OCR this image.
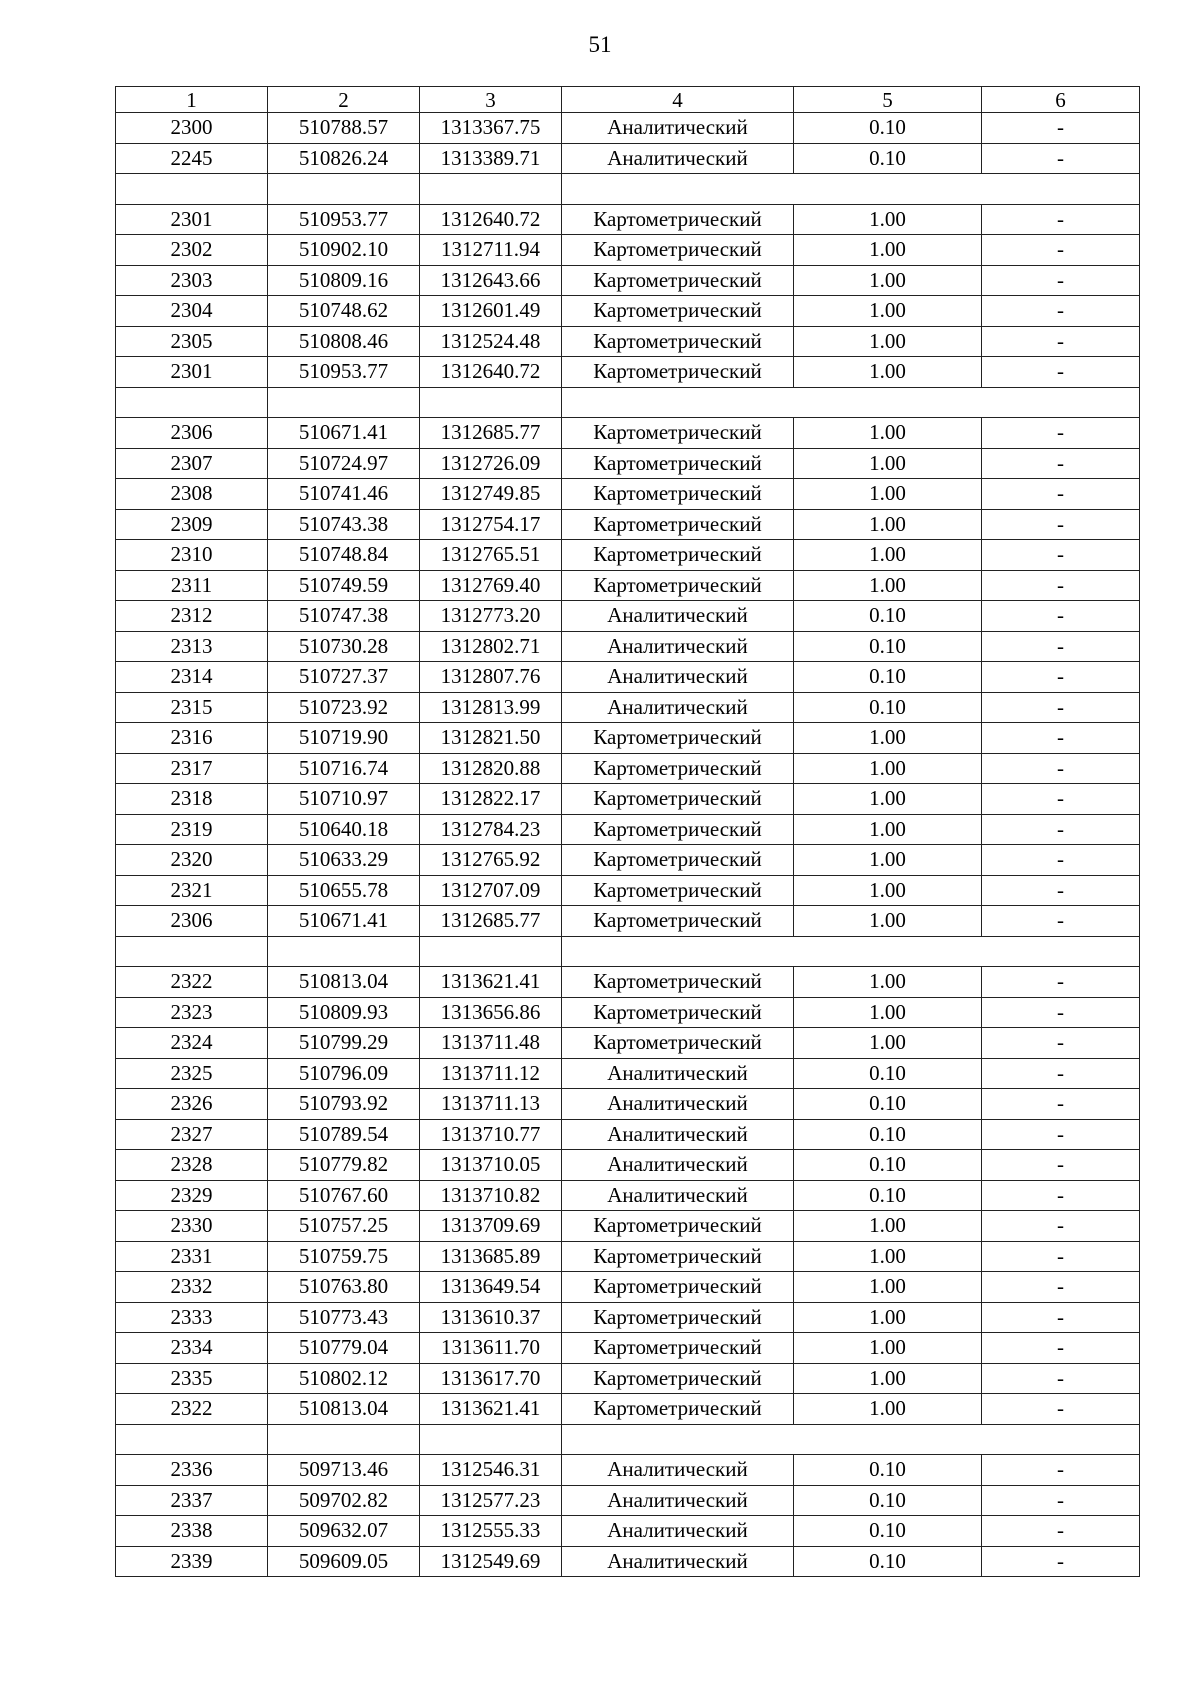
51
1	2	3	4	5	6
2300	510788.57	1313367.75	Аналитический	0.10	-
2245	510826.24	1313389.71	Аналитический	0.10	-

2301	510953.77	1312640.72	Картометрический	1.00	-
2302	510902.10	1312711.94	Картометрический	1.00	-
2303	510809.16	1312643.66	Картометрический	1.00	-
2304	510748.62	1312601.49	Картометрический	1.00	-
2305	510808.46	1312524.48	Картометрический	1.00	-
2301	510953.77	1312640.72	Картометрический	1.00	-

2306	510671.41	1312685.77	Картометрический	1.00	-
2307	510724.97	1312726.09	Картометрический	1.00	-
2308	510741.46	1312749.85	Картометрический	1.00	-
2309	510743.38	1312754.17	Картометрический	1.00	-
2310	510748.84	1312765.51	Картометрический	1.00	-
2311	510749.59	1312769.40	Картометрический	1.00	-
2312	510747.38	1312773.20	Аналитический	0.10	-
2313	510730.28	1312802.71	Аналитический	0.10	-
2314	510727.37	1312807.76	Аналитический	0.10	-
2315	510723.92	1312813.99	Аналитический	0.10	-
2316	510719.90	1312821.50	Картометрический	1.00	-
2317	510716.74	1312820.88	Картометрический	1.00	-
2318	510710.97	1312822.17	Картометрический	1.00	-
2319	510640.18	1312784.23	Картометрический	1.00	-
2320	510633.29	1312765.92	Картометрический	1.00	-
2321	510655.78	1312707.09	Картометрический	1.00	-
2306	510671.41	1312685.77	Картометрический	1.00	-

2322	510813.04	1313621.41	Картометрический	1.00	-
2323	510809.93	1313656.86	Картометрический	1.00	-
2324	510799.29	1313711.48	Картометрический	1.00	-
2325	510796.09	1313711.12	Аналитический	0.10	-
2326	510793.92	1313711.13	Аналитический	0.10	-
2327	510789.54	1313710.77	Аналитический	0.10	-
2328	510779.82	1313710.05	Аналитический	0.10	-
2329	510767.60	1313710.82	Аналитический	0.10	-
2330	510757.25	1313709.69	Картометрический	1.00	-
2331	510759.75	1313685.89	Картометрический	1.00	-
2332	510763.80	1313649.54	Картометрический	1.00	-
2333	510773.43	1313610.37	Картометрический	1.00	-
2334	510779.04	1313611.70	Картометрический	1.00	-
2335	510802.12	1313617.70	Картометрический	1.00	-
2322	510813.04	1313621.41	Картометрический	1.00	-

2336	509713.46	1312546.31	Аналитический	0.10	-
2337	509702.82	1312577.23	Аналитический	0.10	-
2338	509632.07	1312555.33	Аналитический	0.10	-
2339	509609.05	1312549.69	Аналитический	0.10	-
